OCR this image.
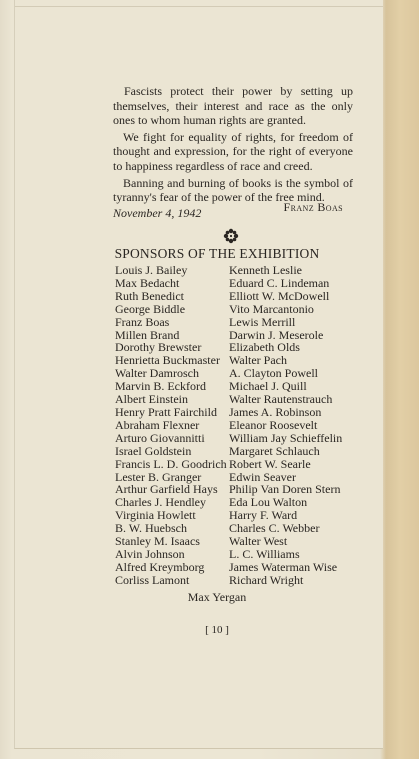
Fascists protect their power by setting up themselves, their interest and race as the only ones to whom human rights are granted.

We fight for equality of rights, for freedom of thought and expression, for the right of everyone to happiness regardless of race and creed.

Banning and burning of books is the symbol of tyranny's fear of the power of the free mind.

November 4, 1942	Franz Boas
SPONSORS OF THE EXHIBITION
Louis J. Bailey
Max Bedacht
Ruth Benedict
George Biddle
Franz Boas
Millen Brand
Dorothy Brewster
Henrietta Buckmaster
Walter Damrosch
Marvin B. Eckford
Albert Einstein
Henry Pratt Fairchild
Abraham Flexner
Arturo Giovannitti
Israel Goldstein
Francis L. D. Goodrich
Lester B. Granger
Arthur Garfield Hays
Charles J. Hendley
Virginia Howlett
B. W. Huebsch
Stanley M. Isaacs
Alvin Johnson
Alfred Kreymborg
Corliss Lamont
Kenneth Leslie
Eduard C. Lindeman
Elliott W. McDowell
Vito Marcantonio
Lewis Merrill
Darwin J. Meserole
Elizabeth Olds
Walter Pach
A. Clayton Powell
Michael J. Quill
Walter Rautenstrauch
James A. Robinson
Eleanor Roosevelt
William Jay Schieffelin
Margaret Schlauch
Robert W. Searle
Edwin Seaver
Philip Van Doren Stern
Eda Lou Walton
Harry F. Ward
Charles C. Webber
Walter West
L. C. Williams
James Waterman Wise
Richard Wright
Max Yergan
[ 10 ]
